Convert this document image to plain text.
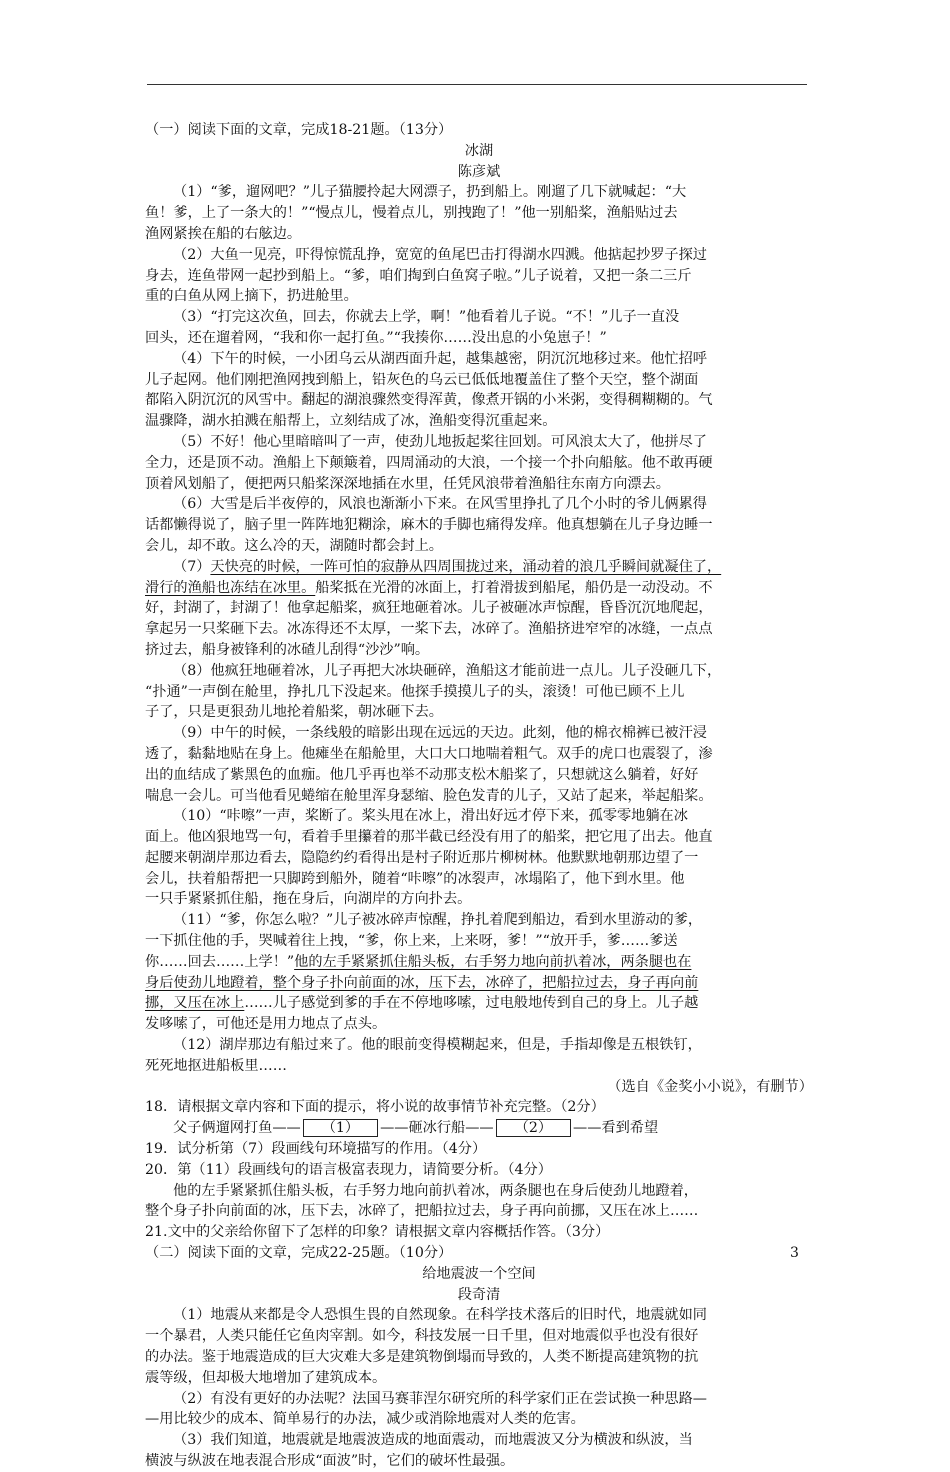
（一）阅读下面的文章，完成18-21题。（13分）
冰湖
陈彦斌
（1）“爹，遛网吧？”儿子猫腰拎起大网漂子，扔到船上。刚遛了几下就喊起：“大
鱼！爹，上了一条大的！”“慢点儿，慢着点儿，别拽跑了！”他一别船桨，渔船贴过去
渔网紧挨在船的右舷边。
（2）大鱼一见亮，吓得惊慌乱挣，宽宽的鱼尾巴击打得湖水四溅。他掂起抄罗子探过
身去，连鱼带网一起抄到船上。“爹，咱们掏到白鱼窝子啦。”儿子说着，又把一条二三斤
重的白鱼从网上摘下，扔进舱里。
（3）“打完这次鱼，回去，你就去上学，啊！”他看着儿子说。“不！”儿子一直没
回头，还在遛着网，“我和你一起打鱼。”“我揍你……没出息的小兔崽子！”
（4）下午的时候，一小团乌云从湖西面升起，越集越密，阴沉沉地移过来。他忙招呼
儿子起网。他们刚把渔网拽到船上，铅灰色的乌云已低低地覆盖住了整个天空，整个湖面
都陷入阴沉沉的风雪中。翻起的湖浪骤然变得浑黄，像煮开锅的小米粥，变得稠糊糊的。气
温骤降，湖水拍溅在船帮上，立刻结成了冰，渔船变得沉重起来。
（5）不好！他心里暗暗叫了一声，使劲儿地扳起桨往回划。可风浪太大了，他拼尽了
全力，还是顶不动。渔船上下颠簸着，四周涌动的大浪，一个接一个扑向船舷。他不敢再硬
顶着风划船了，便把两只船桨深深地插在水里，任凭风浪带着渔船往东南方向漂去。
（6）大雪是后半夜停的，风浪也渐渐小下来。在风雪里挣扎了几个小时的爷儿俩累得
话都懒得说了，脑子里一阵阵地犯糊涂，麻木的手脚也痛得发痒。他真想躺在儿子身边睡一
会儿，却不敢。这么冷的天，湖随时都会封上。
（7）天快亮的时候，一阵可怕的寂静从四周围拢过来，涌动着的浪几乎瞬间就凝住了，
滑行的渔船也冻结在冰里。船桨抵在光滑的冰面上，打着滑拔到船尾，船仍是一动没动。不
好，封湖了，封湖了！他拿起船桨，疯狂地砸着冰。儿子被砸冰声惊醒，昏昏沉沉地爬起，
拿起另一只桨砸下去。冰冻得还不太厚，一桨下去，冰碎了。渔船挤进窄窄的冰缝，一点点
挤过去，船身被锋利的冰碴儿刮得“沙沙”响。
（8）他疯狂地砸着冰，儿子再把大冰块砸碎，渔船这才能前进一点儿。儿子没砸几下，
“扑通”一声倒在舱里，挣扎几下没起来。他探手摸摸儿子的头，滚烫！可他已顾不上儿
子了，只是更狠劲儿地抡着船桨，朝冰砸下去。
（9）中午的时候，一条线般的暗影出现在远远的天边。此刻，他的棉衣棉裤已被汗浸
透了，黏黏地贴在身上。他瘫坐在船舱里，大口大口地喘着粗气。双手的虎口也震裂了，渗
出的血结成了紫黑色的血痂。他几乎再也举不动那支松木船桨了，只想就这么躺着，好好
喘息一会儿。可当他看见蜷缩在舱里浑身瑟缩、脸色发青的儿子，又站了起来，举起船桨。
（10）“咔嚓”一声，桨断了。桨头甩在冰上，滑出好远才停下来，孤零零地躺在冰
面上。他凶狠地骂一句，看着手里攥着的那半截已经没有用了的船桨，把它甩了出去。他直
起腰来朝湖岸那边看去，隐隐约约看得出是村子附近那片柳树林。他默默地朝那边望了一
会儿，扶着船帮把一只脚跨到船外，随着“咔嚓”的冰裂声，冰塌陷了，他下到水里。他
一只手紧紧抓住船，拖在身后，向湖岸的方向扑去。
（11）“爹，你怎么啦？”儿子被冰碎声惊醒，挣扎着爬到船边，看到水里游动的爹，
一下抓住他的手，哭喊着往上拽，“爹，你上来，上来呀，爹！”“放开手，爹……爹送
你……回去……上学！”他的左手紧紧抓住船头板，右手努力地向前扒着冰，两条腿也在
身后使劲儿地蹬着，整个身子扑向前面的冰，压下去，冰碎了，把船拉过去，身子再向前
挪，又压在冰上……儿子感觉到爹的手在不停地哆嗦，过电般地传到自己的身上。儿子越
发哆嗦了，可他还是用力地点了点头。
（12）湖岸那边有船过来了。他的眼前变得模糊起来，但是，手指却像是五根铁钉，
死死地抠进船板里……
（选自《金奖小小说》，有删节）
18．请根据文章内容和下面的提示，将小说的故事情节补充完整。（2分）
父子俩遛网打鱼—— （1） ——砸冰行船—— （2） ——看到希望
19．试分析第（7）段画线句环境描写的作用。（4分）
20．第（11）段画线句的语言极富表现力，请简要分析。（4分）
他的左手紧紧抓住船头板，右手努力地向前扒着冰，两条腿也在身后使劲儿地蹬着，
整个身子扑向前面的冰，压下去，冰碎了，把船拉过去，身子再向前挪，又压在冰上……
21.文中的父亲给你留下了怎样的印象？请根据文章内容概括作答。（3分）
（二）阅读下面的文章，完成22-25题。（10分）
给地震波一个空间
段奇清
（1）地震从来都是令人恐惧生畏的自然现象。在科学技术落后的旧时代，地震就如同
一个暴君，人类只能任它鱼肉宰割。如今，科技发展一日千里，但对地震似乎也没有很好
的办法。鉴于地震造成的巨大灾难大多是建筑物倒塌而导致的，人类不断提高建筑物的抗
震等级，但却极大地增加了建筑成本。
（2）有没有更好的办法呢？法国马赛菲涅尔研究所的科学家们正在尝试换一种思路—
—用比较少的成本、简单易行的办法，减少或消除地震对人类的危害。
（3）我们知道，地震就是地震波造成的地面震动，而地震波又分为横波和纵波，当
横波与纵波在地表混合形成“面波”时，它们的破坏性最强。
3
